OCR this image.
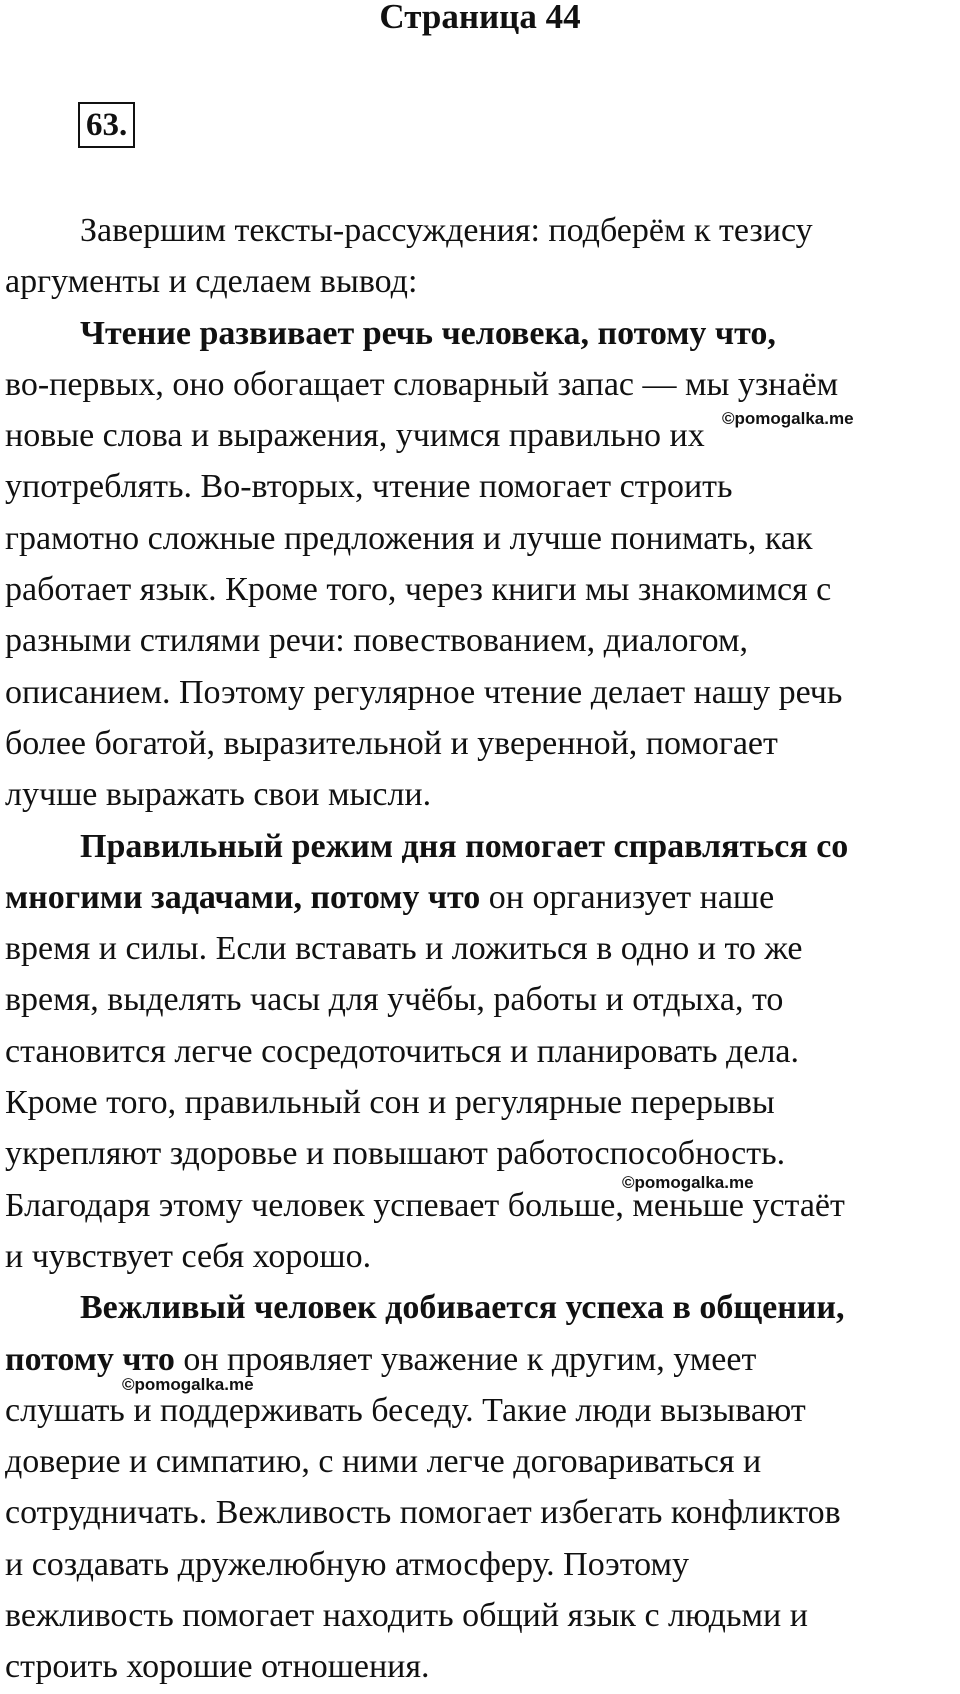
Страница 44
63.

Завершим тексты-рассуждения: подберём к тезису

аргументы и сделаем вывод:

Чтение развивает речь человека, потому что,

во-первых, оно обогащает словарный запас — мы узнаём
новые слова и выражения, учимся правильно их
употреблять. Во-вторых, чтение помогает строить
грамотно сложные предложения и лучше понимать, как
работает язык. Кроме того, через книги мы знакомимся с
разными стилями речи: повествованием, диалогом,
описанием. Поэтому регулярное чтение делает нашу речь
более богатой, выразительной и уверенной, помогает
лучше выражать свои мысли.

Правильный режим дня помогает справляться со

многими задачами, потому что он организует наше
время и силы. Если вставать и ложиться в одно и то же
время, выделять часы для учёбы, работы и отдыха, то
становится легче сосредоточиться и планировать дела.
Кроме того, правильный сон и регулярные перерывы
укрепляют здоровье и повышают работоспособность.
Благодаря этому человек успевает больше, меньше устаёт
и чувствует себя хорошо.

Вежливый человек добивается успеха в общении,

потому что он проявляет уважение к другим, умеет
слушать и поддерживать беседу. Такие люди вызывают
доверие и симпатию, с ними легче договариваться и
сотрудничать. Вежливость помогает избегать конфликтов
и создавать дружелюбную атмосферу. Поэтому
вежливость помогает находить общий язык с людьми и
строить хорошие отношения.
©pomogalka.me
©pomogalka.me
©pomogalka.me
